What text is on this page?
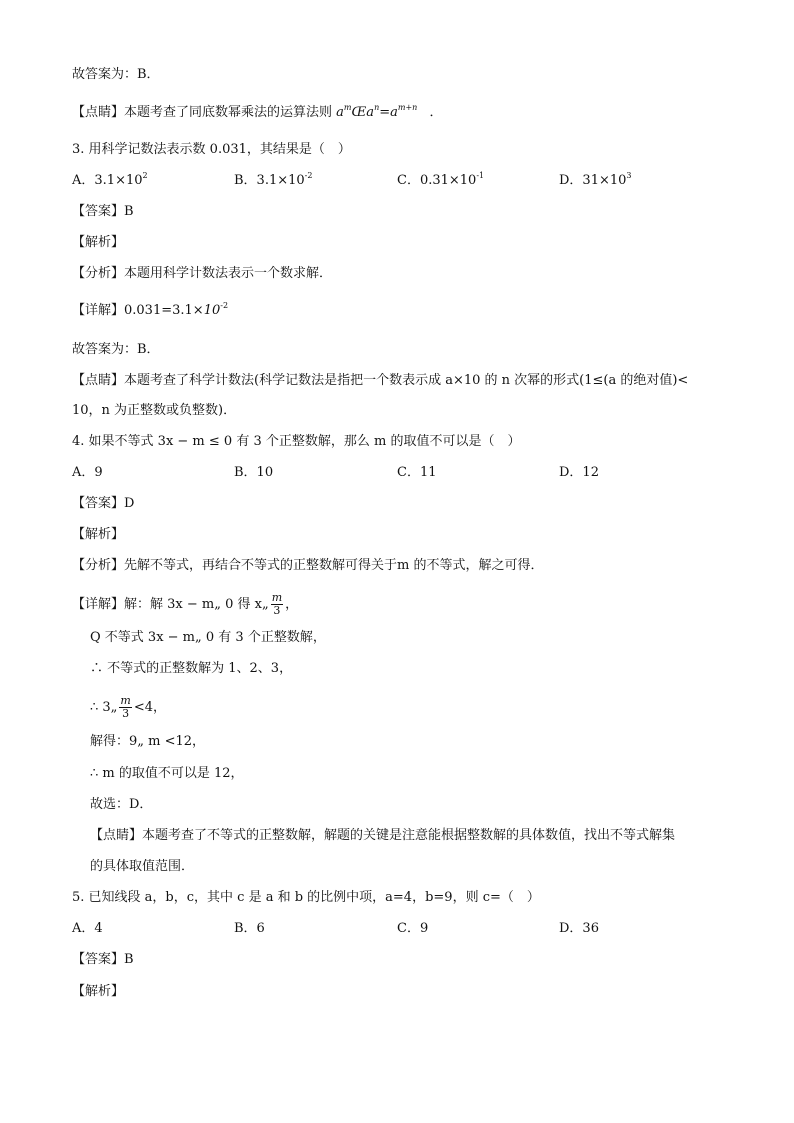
故答案为：B．
【点睛】本题考查了同底数幂乘法的运算法则 $a^mŒa^n=a^{m+n}$ ．
3. 用科学记数法表示数 0.031，其结果是（　）
A．$3.1\times 10^2$	B．$3.1\times 10^{-2}$	C．$0.31\times 10^{-1}$	D．$31\times 10^3$
【答案】B
【解析】
【分析】本题用科学计数法表示一个数求解．
【详解】$0.031=3.1\times 10^{-2}$
故答案为：B．
【点睛】本题考查了科学计数法(科学记数法是指把一个数表示成 a×10 的 n 次幂的形式(1≤(a 的绝对值)<
10，n 为正整数或负整数)．
4. 如果不等式 3x − m ≤ 0 有 3 个正整数解，那么 m 的取值不可以是（　）
A．9	B．10	C．11	D．12
【答案】D
【解析】
【分析】先解不等式，再结合不等式的正整数解可得关于m 的不等式，解之可得．
【详解】解：解 3x − m„ 0 得 x„ $\frac{m}{3}$ ，
Q 不等式 3x − m„ 0 有 3 个正整数解，
∴ 不等式的正整数解为 1、2、3，
∴ 3„ $\frac{m}{3} <4$，
解得：9„ m <12，
∴ m 的取值不可以是 12，
故选：D．
【点睛】本题考查了不等式的正整数解，解题的关键是注意能根据整数解的具体数值，找出不等式解集
的具体取值范围．
5. 已知线段 a，b，c，其中 c 是 a 和 b 的比例中项，a=4，b=9，则 c=（　）
A．4	B．6	C．9	D．36
【答案】B
【解析】
